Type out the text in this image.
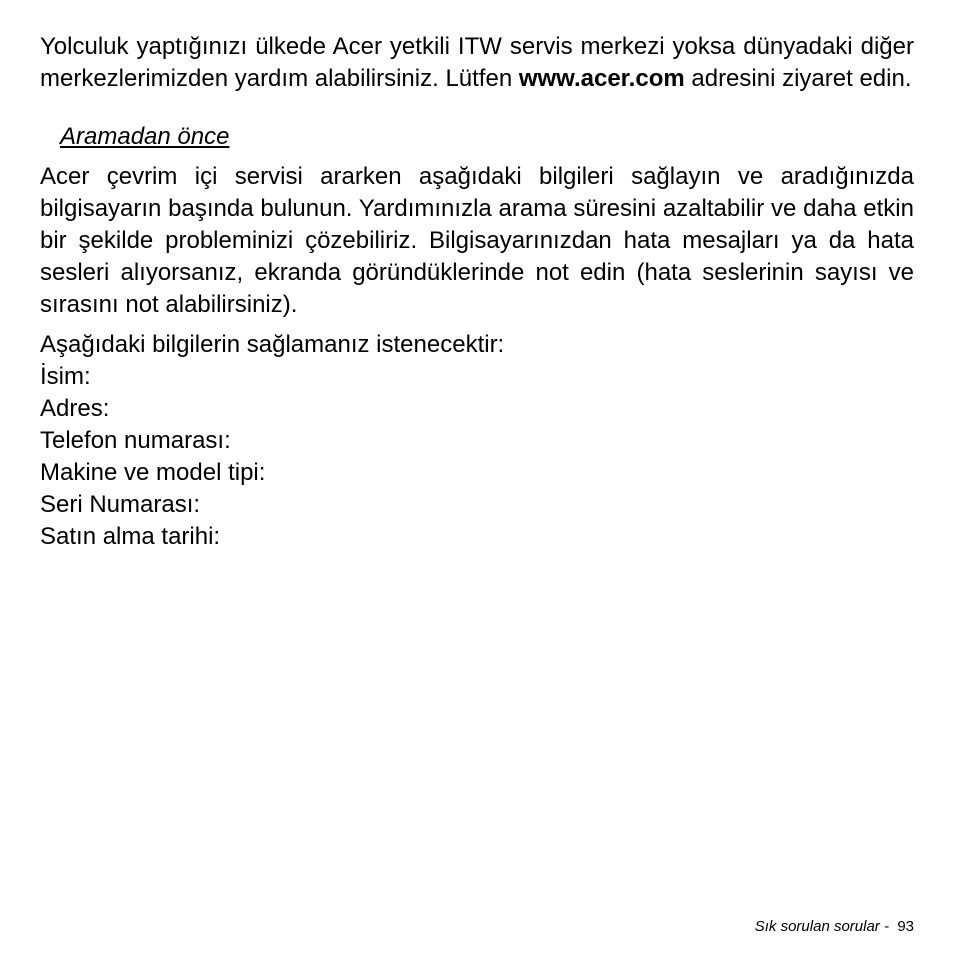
Yolculuk yaptığınızı ülkede Acer yetkili ITW servis merkezi yoksa dünyadaki diğer merkezlerimizden yardım alabilirsiniz. Lütfen www.acer.com adresini ziyaret edin.

Aramadan önce

Acer çevrim içi servisi ararken aşağıdaki bilgileri sağlayın ve aradığınızda bilgisayarın başında bulunun. Yardımınızla arama süresini azaltabilir ve daha etkin bir şekilde probleminizi çözebiliriz. Bilgisayarınızdan hata mesajları ya da hata sesleri alıyorsanız, ekranda göründüklerinde not edin (hata seslerinin sayısı ve sırasını not alabilirsiniz).

Aşağıdaki bilgilerin sağlamanız istenecektir:
İsim:
Adres:
Telefon numarası:
Makine ve model tipi:
Seri Numarası:
Satın alma tarihi:
Sık sorulan sorular -  93
